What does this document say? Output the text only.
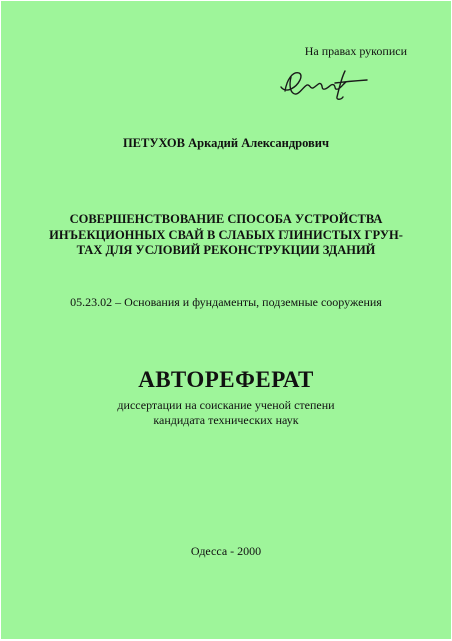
На правах рукописи
ПЕТУХОВ Аркадий Александрович
СОВЕРШЕНСТВОВАНИЕ СПОСОБА УСТРОЙСТВА
ИНЪЕКЦИОННЫХ СВАЙ В СЛАБЫХ ГЛИНИСТЫХ ГРУН-
ТАХ ДЛЯ УСЛОВИЙ РЕКОНСТРУКЦИИ ЗДАНИЙ
05.23.02 – Основания и фундаменты, подземные сооружения
АВТОРЕФЕРАТ
диссертации на соискание ученой степени
кандидата технических наук
Одесса - 2000
